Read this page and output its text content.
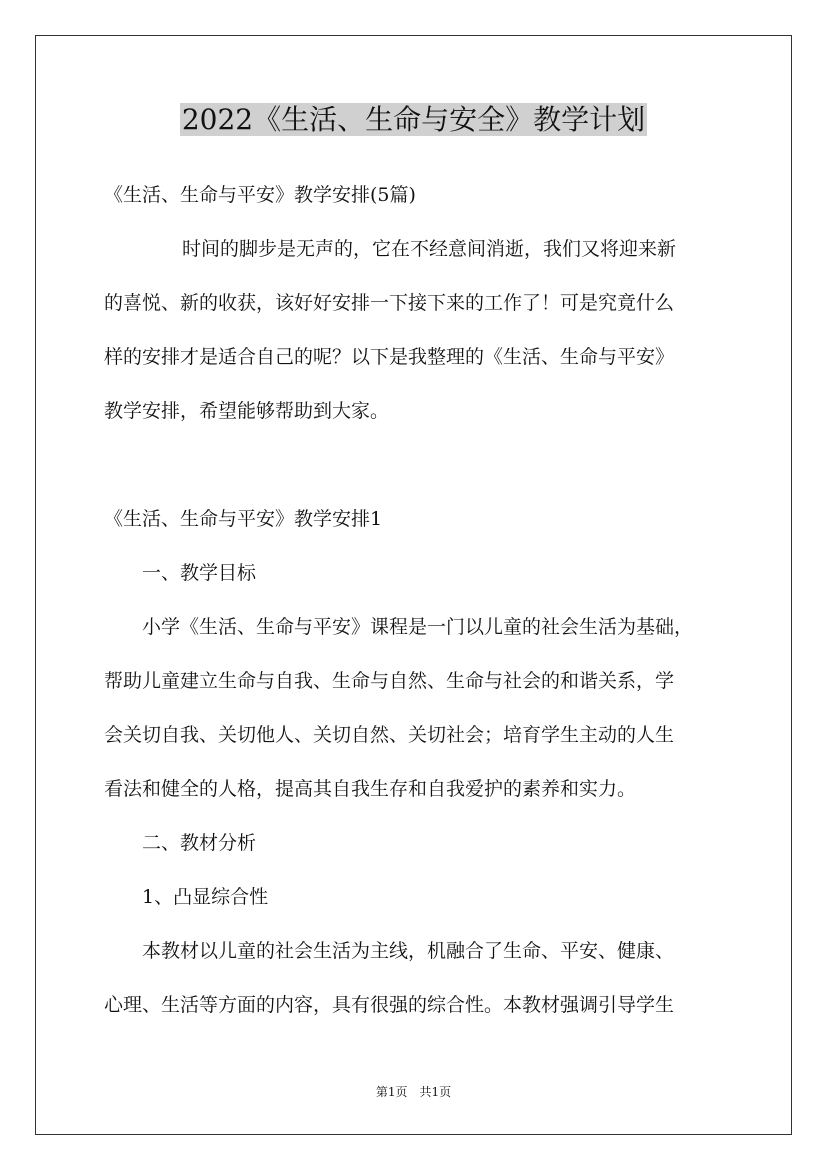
2022《生活、生命与安全》教学计划
《生活、生命与平安》教学安排(5篇)
时间的脚步是无声的，它在不经意间消逝，我们又将迎来新
的喜悦、新的收获，该好好安排一下接下来的工作了！可是究竟什么
样的安排才是适合自己的呢？以下是我整理的《生活、生命与平安》
教学安排，希望能够帮助到大家。
《生活、生命与平安》教学安排1
一、教学目标
小学《生活、生命与平安》课程是一门以儿童的社会生活为基础，
帮助儿童建立生命与自我、生命与自然、生命与社会的和谐关系，学
会关切自我、关切他人、关切自然、关切社会；培育学生主动的人生
看法和健全的人格，提高其自我生存和自我爱护的素养和实力。
二、教材分析
1、凸显综合性
本教材以儿童的社会生活为主线，机融合了生命、平安、健康、
心理、生活等方面的内容，具有很强的综合性。本教材强调引导学生
第1页　共1页
